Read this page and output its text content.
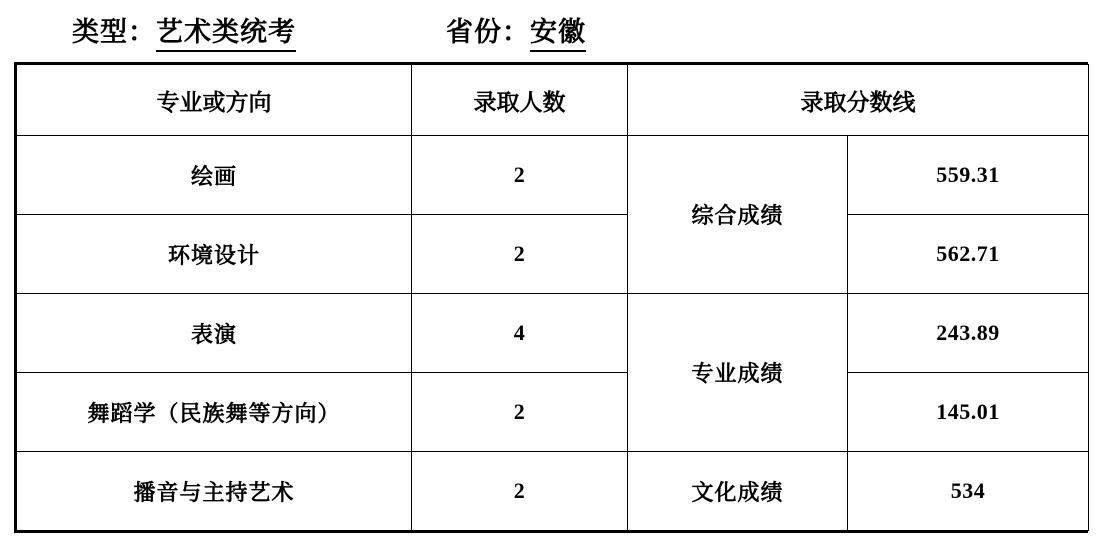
类型： 艺术类统考	省份： 安徽
专业或方向	录取人数	录取分数线	
绘画	2	综合成绩	559.31
环境设计	2		562.71
表演	4	专业成绩	243.89
舞蹈学（民族舞等方向）	2		145.01
播音与主持艺术	2	文化成绩	534
